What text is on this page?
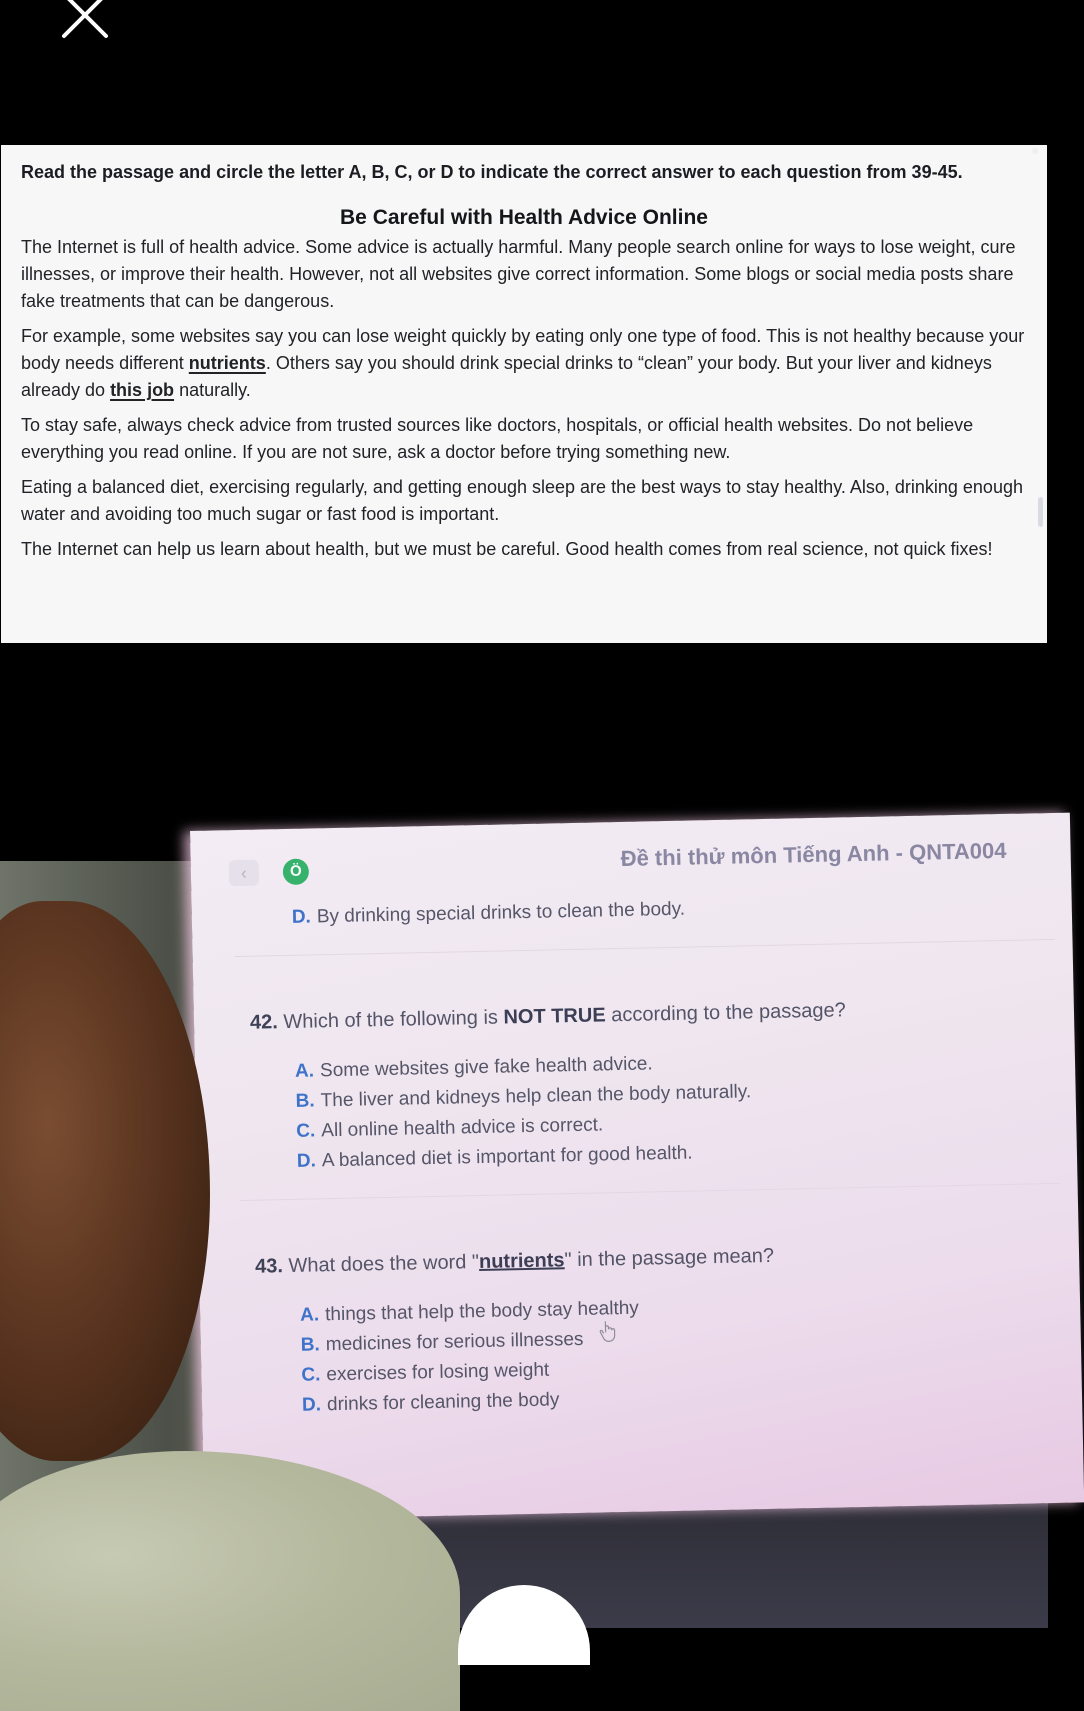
Read the passage and circle the letter A, B, C, or D to indicate the correct answer to each question from 39-45.

Be Careful with Health Advice Online

The Internet is full of health advice. Some advice is actually harmful. Many people search online for ways to lose weight, cure illnesses, or improve their health. However, not all websites give correct information. Some blogs or social media posts share fake treatments that can be dangerous.

For example, some websites say you can lose weight quickly by eating only one type of food. This is not healthy because your body needs different nutrients. Others say you should drink special drinks to “clean” your body. But your liver and kidneys already do this job naturally.

To stay safe, always check advice from trusted sources like doctors, hospitals, or official health websites. Do not believe everything you read online. If you are not sure, ask a doctor before trying something new.

Eating a balanced diet, exercising regularly, and getting enough sleep are the best ways to stay healthy. Also, drinking enough water and avoiding too much sugar or fast food is important.

The Internet can help us learn about health, but we must be careful. Good health comes from real science, not quick fixes!

‹	Ö
Đề thi thử môn Tiếng Anh - QNTA004
D. By drinking special drinks to clean the body.
42. Which of the following is NOT TRUE according to the passage?
A. Some websites give fake health advice.
B. The liver and kidneys help clean the body naturally.
C. All online health advice is correct.
D. A balanced diet is important for good health.
43. What does the word "nutrients" in the passage mean?
A. things that help the body stay healthy
B. medicines for serious illnesses
C. exercises for losing weight
D. drinks for cleaning the body
